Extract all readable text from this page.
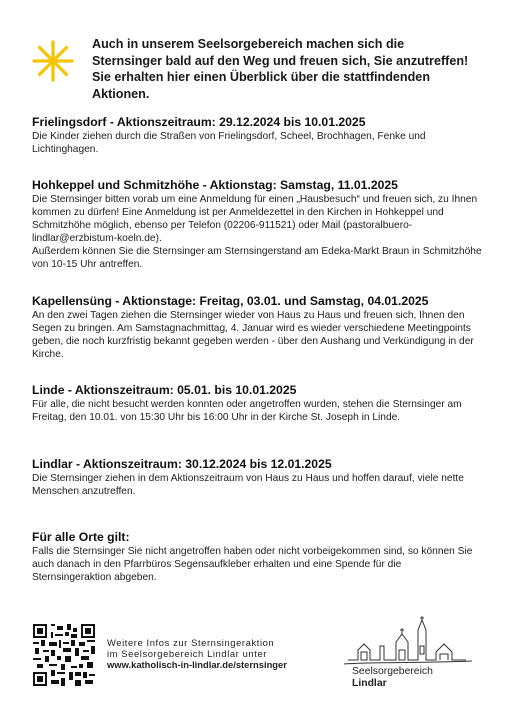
Auch in unserem Seelsorgebereich machen sich die Sternsinger bald auf den Weg und freuen sich, Sie anzutreffen! Sie erhalten hier einen Überblick über die stattfindenden Aktionen.

Frielingsdorf - Aktionszeitraum: 29.12.2024 bis 10.01.2025

Die Kinder ziehen durch die Straßen von Frielingsdorf, Scheel, Brochhagen, Fenke und Lichtinghagen.

Hohkeppel und Schmitzhöhe - Aktionstag: Samstag, 11.01.2025

Die Sternsinger bitten vorab um eine Anmeldung für einen „Hausbesuch“ und freuen sich, zu Ihnen kommen zu dürfen! Eine Anmeldung ist per Anmeldezettel in den Kirchen in Hohkeppel und Schmitzhöhe möglich, ebenso per Telefon (02206-911521) oder Mail (pastoralbuero-lindlar@erzbistum-koeln.de).

Außerdem können Sie die Sternsinger am Sternsingerstand am Edeka-Markt Braun in Schmitzhöhe von 10-15 Uhr antreffen.

Kapellensüng - Aktionstage: Freitag, 03.01. und Samstag, 04.01.2025

An den zwei Tagen ziehen die Sternsinger wieder von Haus zu Haus und freuen sich, Ihnen den Segen zu bringen. Am Samstagnachmittag, 4. Januar wird es wieder verschiedene Meetingpoints geben, die noch kurzfristig bekannt gegeben werden - über den Aushang und Verkündigung in der Kirche.

Linde - Aktionszeitraum: 05.01. bis 10.01.2025

Für alle, die nicht besucht werden konnten oder angetroffen wurden, stehen die Sternsinger am Freitag, den 10.01. von 15:30 Uhr bis 16:00 Uhr in der Kirche St. Joseph in Linde.

Lindlar - Aktionszeitraum: 30.12.2024 bis 12.01.2025

Die Sternsinger ziehen in dem Aktionszeitraum von Haus zu Haus und hoffen darauf, viele nette Menschen anzutreffen.

Für alle Orte gilt:

Falls die Sternsinger Sie nicht angetroffen haben oder nicht vorbeigekommen sind, so können Sie auch danach in den Pfarrbüros Segensaufkleber erhalten und eine Spende für die Sternsingeraktion abgeben.

Weitere Infos zur Sternsingeraktion
im Seelsorgebereich Lindlar unter
www.katholisch-in-lindlar.de/sternsinger
Seelsorgebereich
Lindlar
